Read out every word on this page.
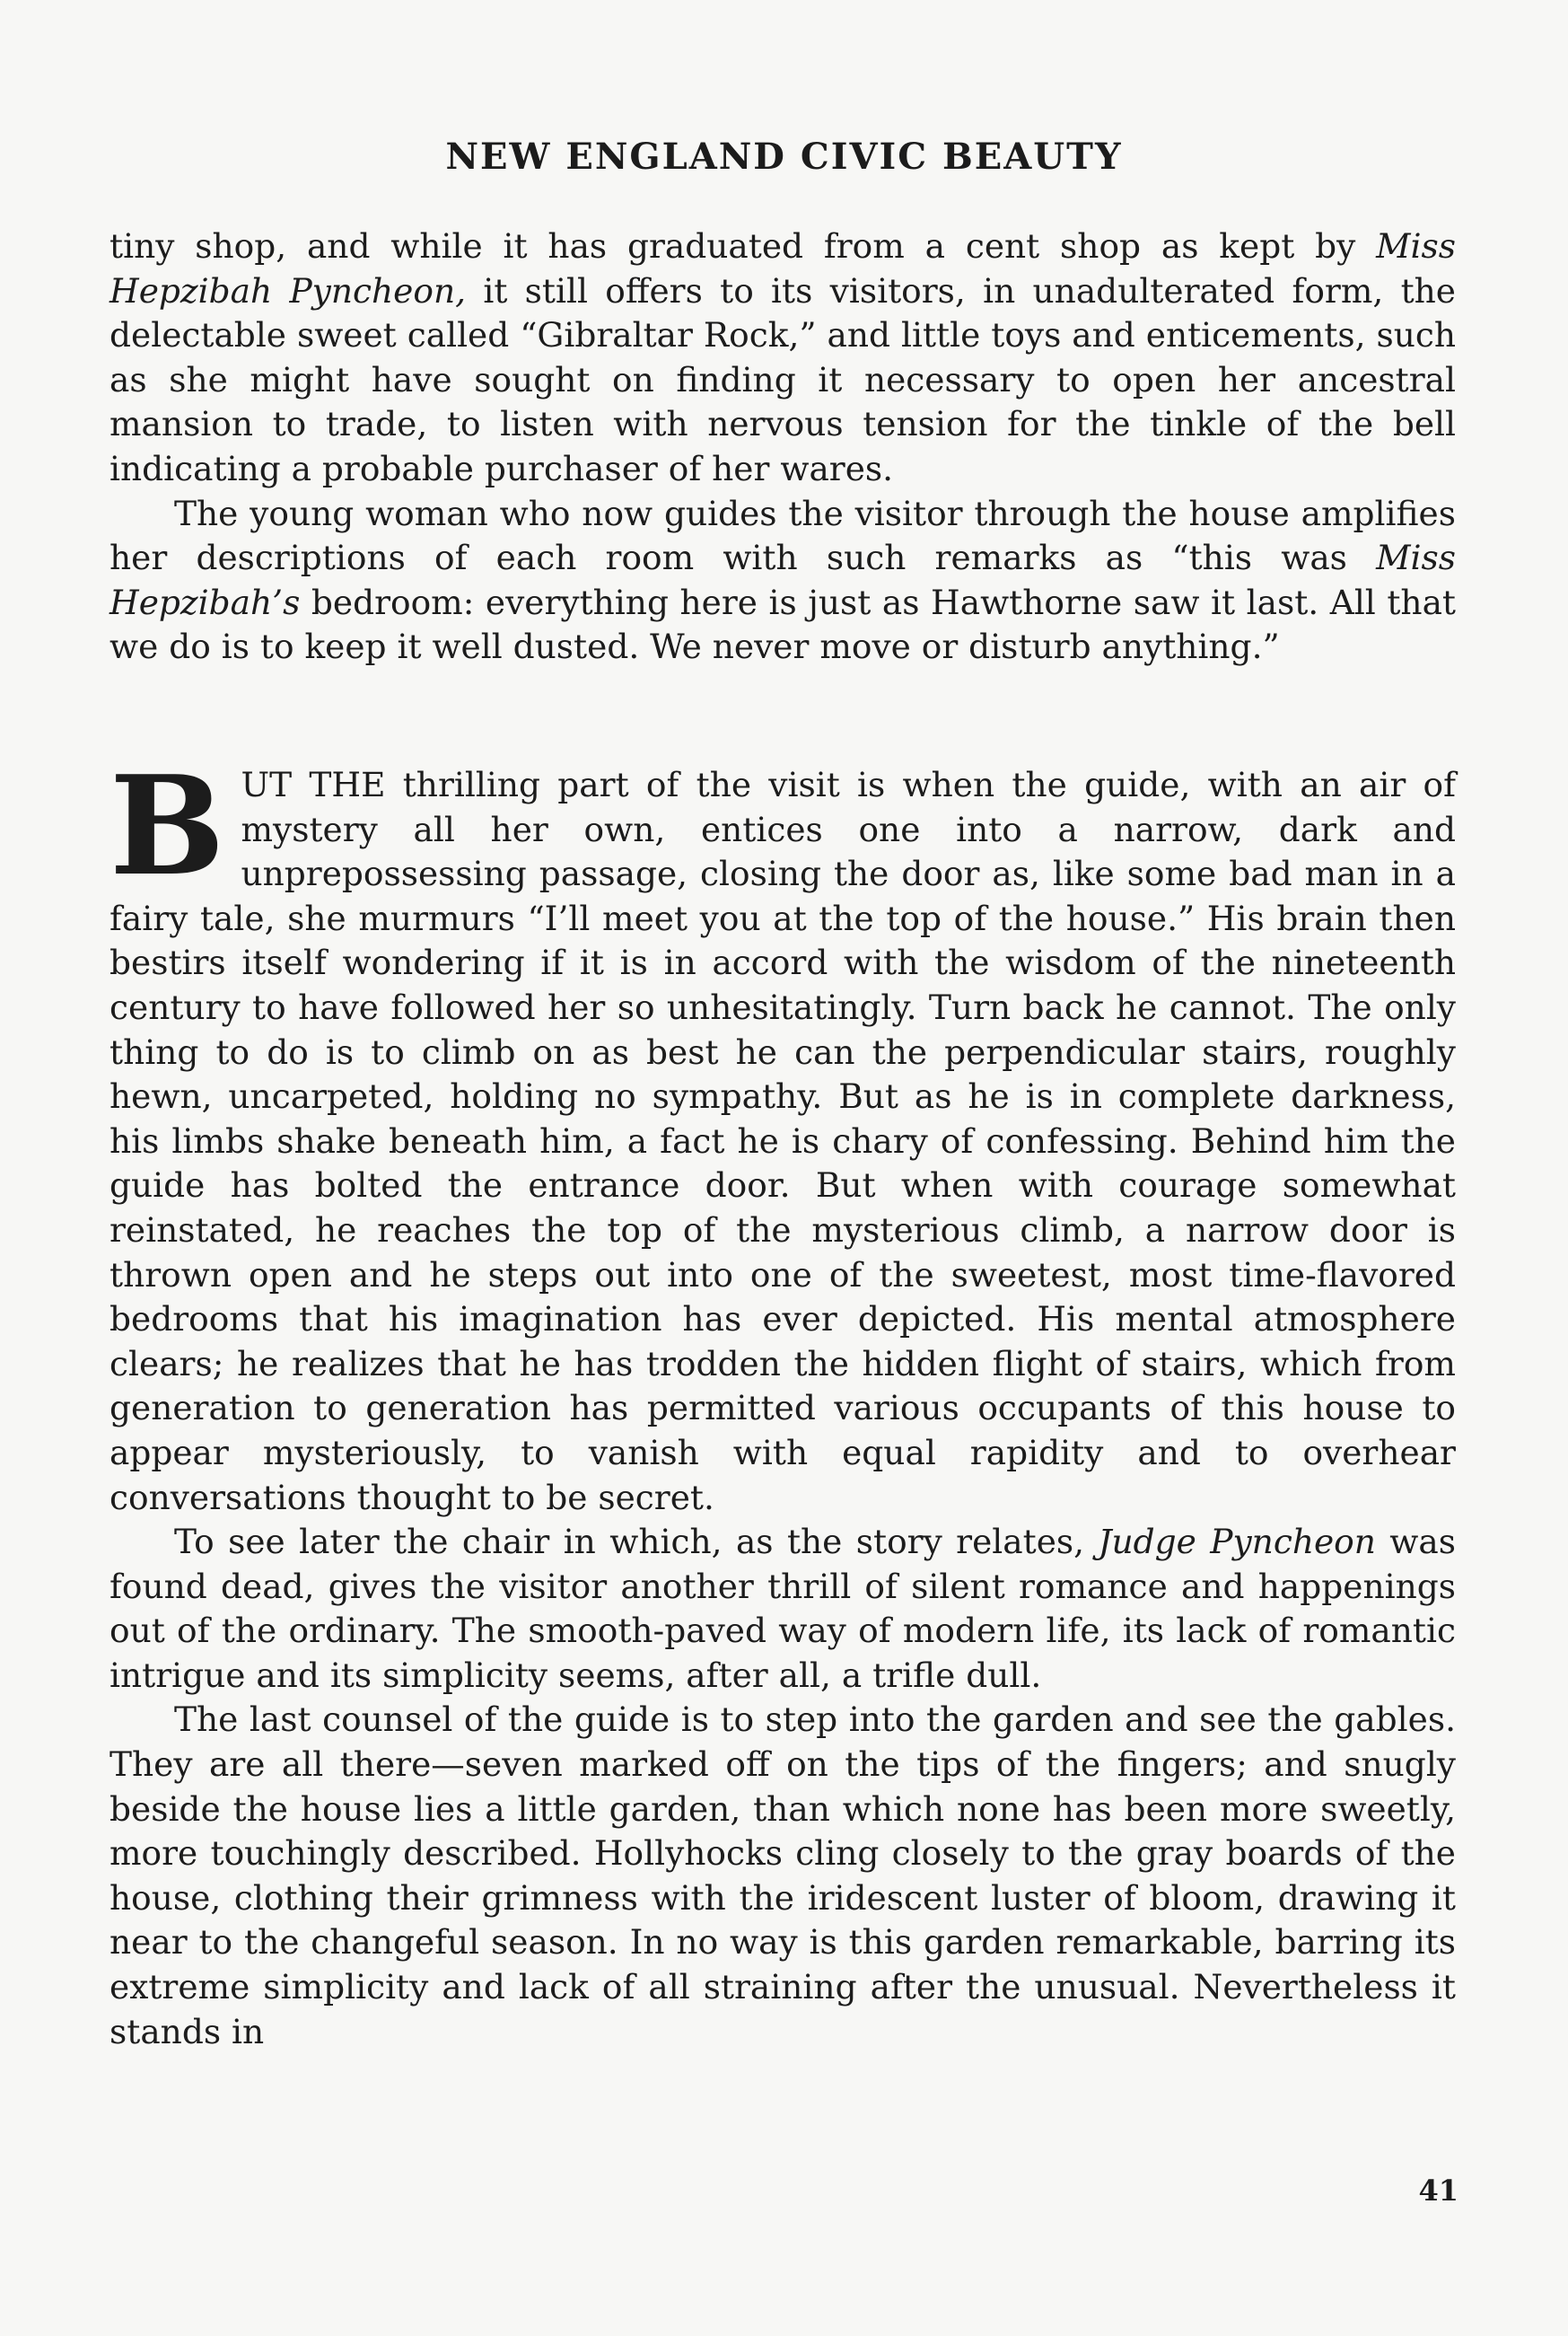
NEW ENGLAND CIVIC BEAUTY

tiny shop, and while it has graduated from a cent shop as kept by Miss Hepzibah Pyncheon, it still offers to its visitors, in unadulterated form, the delectable sweet called “Gibraltar Rock,” and little toys and enticements, such as she might have sought on finding it necessary to open her ancestral mansion to trade, to listen with nervous tension for the tinkle of the bell indicating a probable purchaser of her wares.

The young woman who now guides the visitor through the house amplifies her descriptions of each room with such remarks as “this was Miss Hepzibah’s bedroom: everything here is just as Hawthorne saw it last. All that we do is to keep it well dusted. We never move or disturb anything.”

BUT THE thrilling part of the visit is when the guide, with an air of mystery all her own, entices one into a narrow, dark and unprepossessing passage, closing the door as, like some bad man in a fairy tale, she murmurs “I’ll meet you at the top of the house.” His brain then bestirs itself wondering if it is in accord with the wisdom of the nineteenth century to have followed her so unhesitatingly. Turn back he cannot. The only thing to do is to climb on as best he can the perpendicular stairs, roughly hewn, uncarpeted, holding no sympathy. But as he is in complete darkness, his limbs shake beneath him, a fact he is chary of confessing. Behind him the guide has bolted the entrance door. But when with courage somewhat reinstated, he reaches the top of the mysterious climb, a narrow door is thrown open and he steps out into one of the sweetest, most time-flavored bedrooms that his imagination has ever depicted. His mental atmosphere clears; he realizes that he has trodden the hidden flight of stairs, which from generation to generation has permitted various occupants of this house to appear mysteriously, to vanish with equal rapidity and to overhear conversations thought to be secret.

To see later the chair in which, as the story relates, Judge Pyncheon was found dead, gives the visitor another thrill of silent romance and happenings out of the ordinary. The smooth-paved way of modern life, its lack of romantic intrigue and its simplicity seems, after all, a trifle dull.

The last counsel of the guide is to step into the garden and see the gables. They are all there—seven marked off on the tips of the fingers; and snugly beside the house lies a little garden, than which none has been more sweetly, more touchingly described. Hollyhocks cling closely to the gray boards of the house, clothing their grimness with the iridescent luster of bloom, drawing it near to the changeful season. In no way is this garden remarkable, barring its extreme simplicity and lack of all straining after the unusual. Nevertheless it stands in

41
